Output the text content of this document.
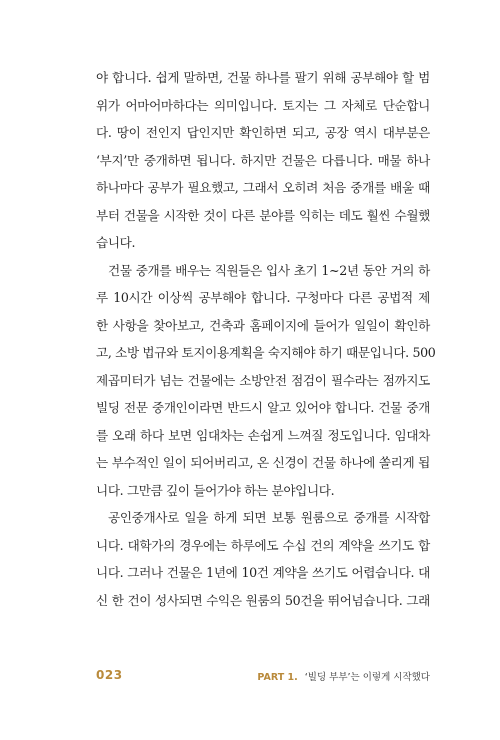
야 합니다. 쉽게 말하면, 건물 하나를 팔기 위해 공부해야 할 범
위가 어마어마하다는 의미입니다. 토지는 그 자체로 단순합니
다. 땅이 전인지 답인지만 확인하면 되고, 공장 역시 대부분은
‘부지’만 중개하면 됩니다. 하지만 건물은 다릅니다. 매물 하나
하나마다 공부가 필요했고, 그래서 오히려 처음 중개를 배울 때
부터 건물을 시작한 것이 다른 분야를 익히는 데도 훨씬 수월했
습니다.

건물 중개를 배우는 직원들은 입사 초기 1~2년 동안 거의 하
루 10시간 이상씩 공부해야 합니다. 구청마다 다른 공법적 제
한 사항을 찾아보고, 건축과 홈페이지에 들어가 일일이 확인하
고, 소방 법규와 토지이용계획을 숙지해야 하기 때문입니다. 500
제곱미터가 넘는 건물에는 소방안전 점검이 필수라는 점까지도
빌딩 전문 중개인이라면 반드시 알고 있어야 합니다. 건물 중개
를 오래 하다 보면 임대차는 손쉽게 느껴질 정도입니다. 임대차
는 부수적인 일이 되어버리고, 온 신경이 건물 하나에 쏠리게 됩
니다. 그만큼 깊이 들어가야 하는 분야입니다.

공인중개사로 일을 하게 되면 보통 원룸으로 중개를 시작합
니다. 대학가의 경우에는 하루에도 수십 건의 계약을 쓰기도 합
니다. 그러나 건물은 1년에 10건 계약을 쓰기도 어렵습니다. 대
신 한 건이 성사되면 수익은 원룸의 50건을 뛰어넘습니다. 그래

023	PART 1. ‘빌딩 부부’는 이렇게 시작했다
